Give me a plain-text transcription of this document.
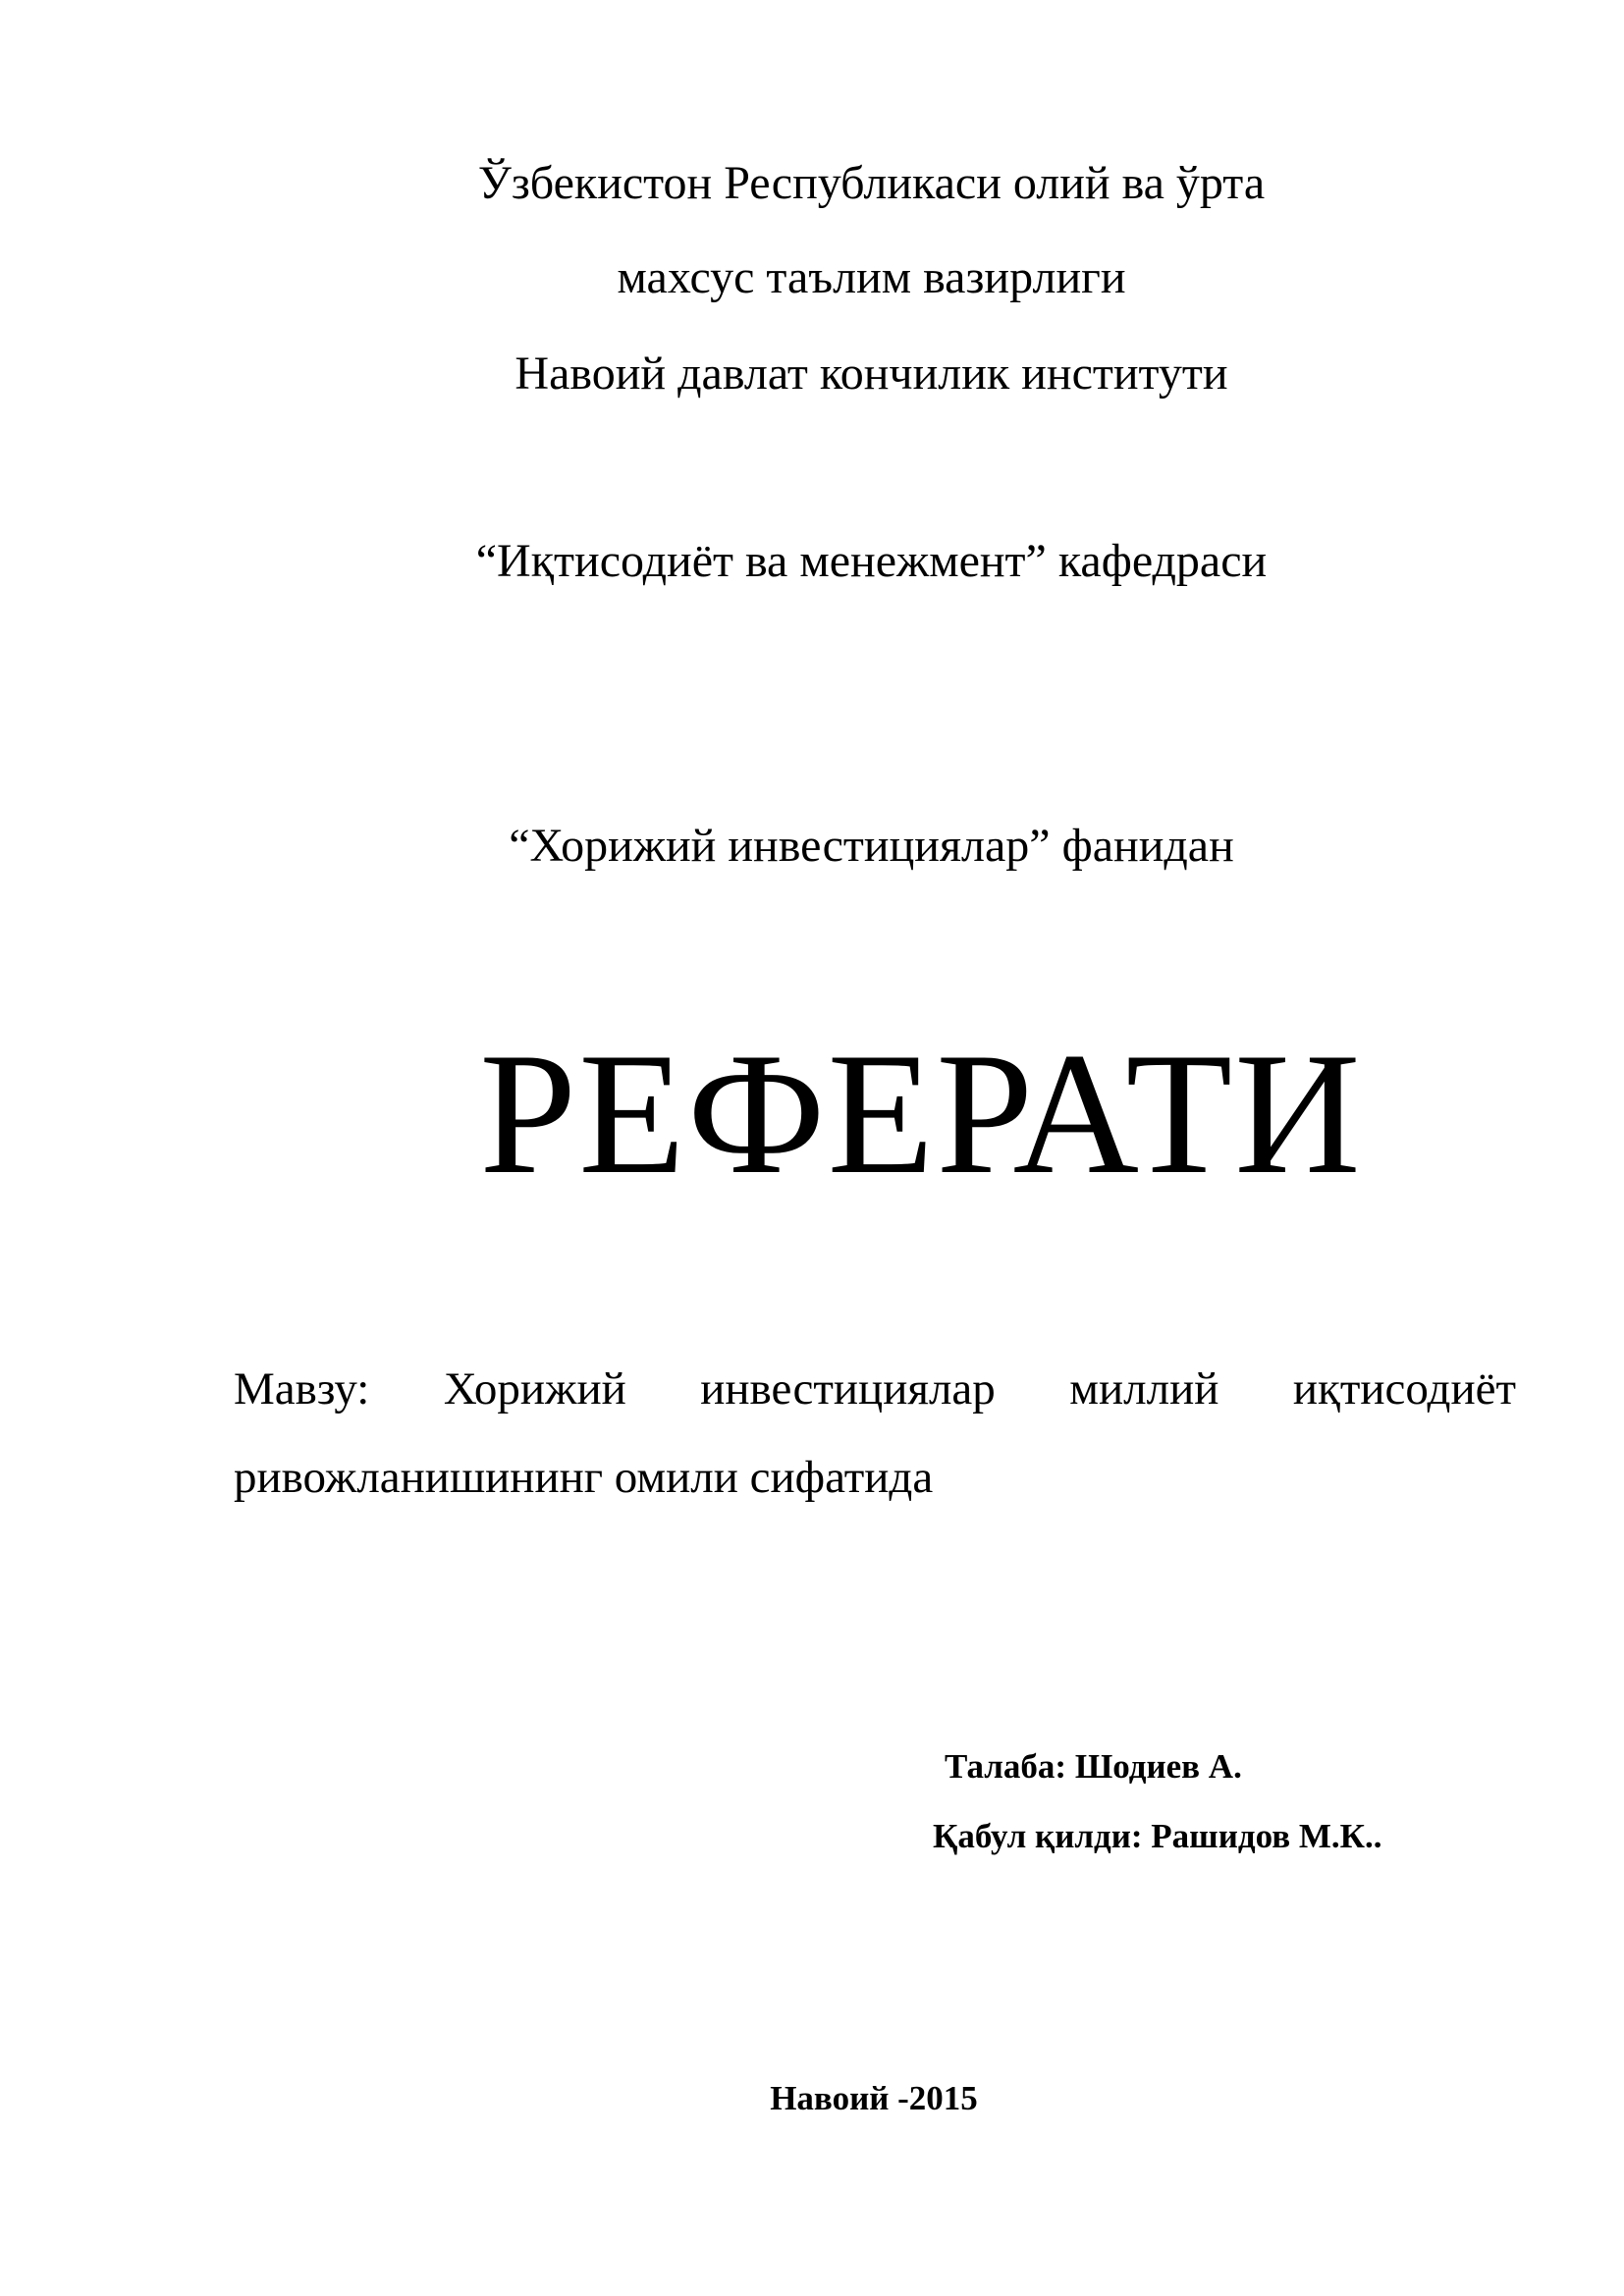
Ўзбекистон Республикаси олий ва ўрта
махсус таълим вазирлиги
Навоий давлат кончилик институти
“Иқтисодиёт ва менежмент” кафедраси
“Хорижий инвестициялар” фанидан
РЕФЕРАТИ
Мавзу: Хорижий инвестициялар миллий иқтисодиёт ривожланишининг омили сифатида
Талаба: Шодиев А.
Қабул қилди: Рашидов М.К..
Навоий -2015
